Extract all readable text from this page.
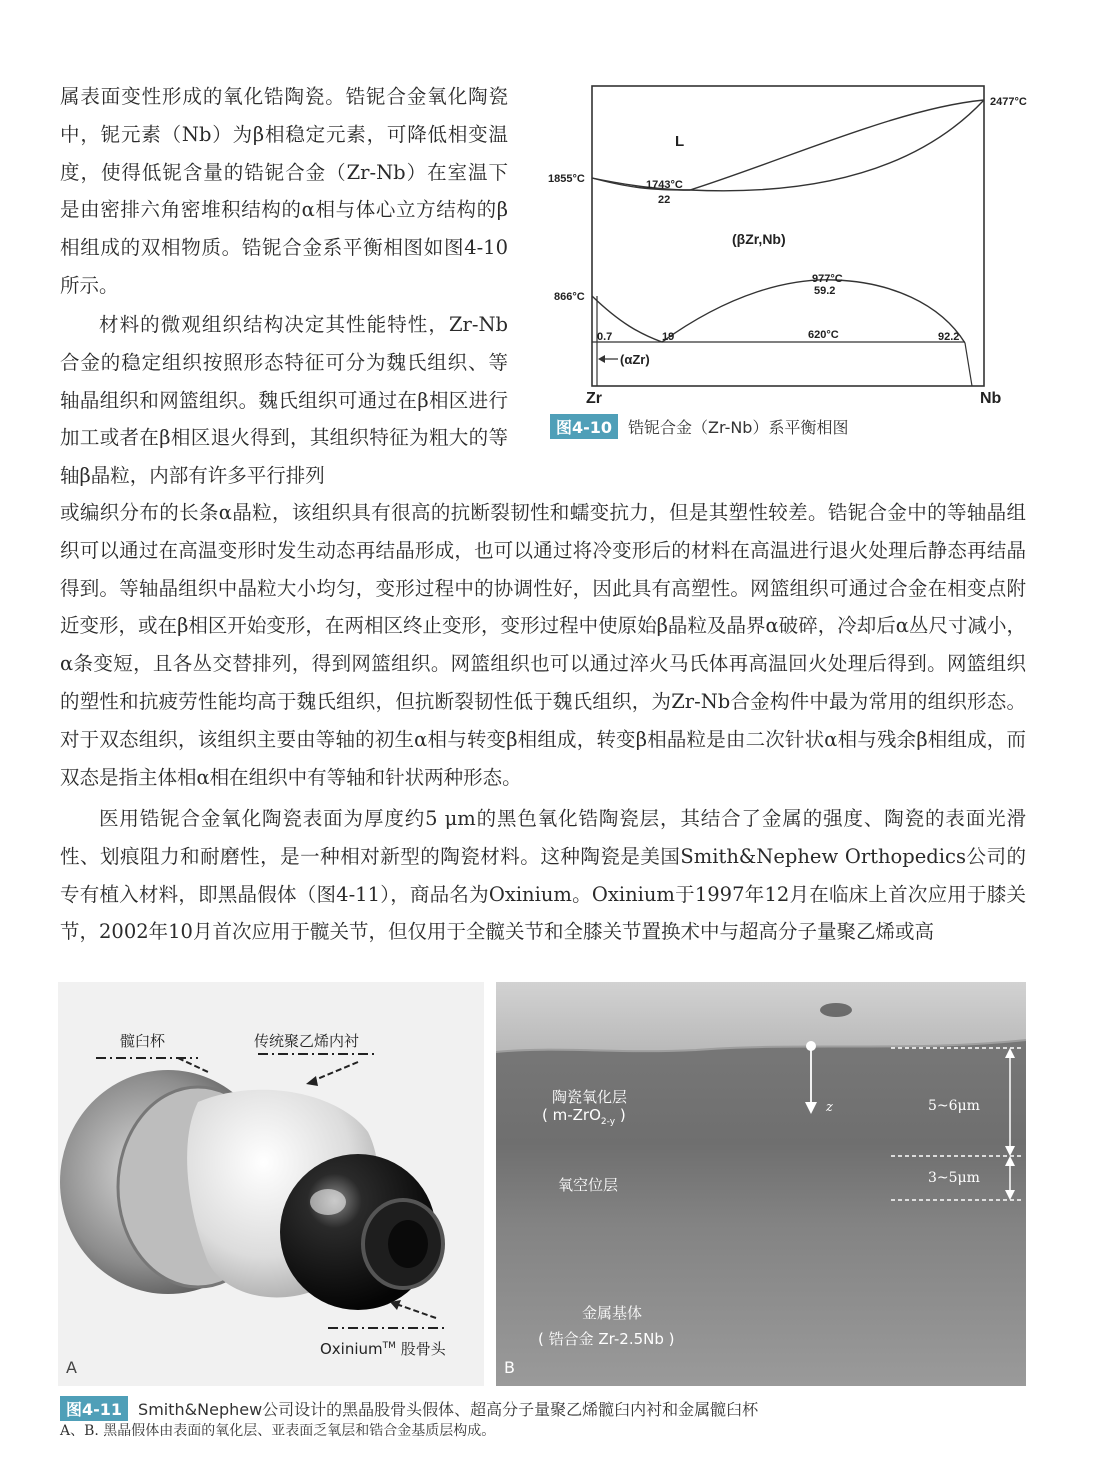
属表面变性形成的氧化锆陶瓷。锆铌合金氧化陶瓷中，铌元素（Nb）为β相稳定元素，可降低相变温度，使得低铌含量的锆铌合金（Zr-Nb）在室温下是由密排六角密堆积结构的α相与体心立方结构的β相组成的双相物质。锆铌合金系平衡相图如图4-10所示。

材料的微观组织结构决定其性能特性，Zr-Nb合金的稳定组织按照形态特征可分为魏氏组织、等轴晶组织和网篮组织。魏氏组织可通过在β相区进行加工或者在β相区退火得到，其组织特征为粗大的等轴β晶粒，内部有许多平行排列

L
2477°C
1855°C	1743°C
22
(βZr,Nb)
977°C
59.2
866°C
620°C
0.7	19	92.2
(αZr)
Zr	Nb
图4-10 锆铌合金（Zr-Nb）系平衡相图

或编织分布的长条α晶粒，该组织具有很高的抗断裂韧性和蠕变抗力，但是其塑性较差。锆铌合金中的等轴晶组织可以通过在高温变形时发生动态再结晶形成，也可以通过将冷变形后的材料在高温进行退火处理后静态再结晶得到。等轴晶组织中晶粒大小均匀，变形过程中的协调性好，因此具有高塑性。网篮组织可通过合金在相变点附近变形，或在β相区开始变形，在两相区终止变形，变形过程中使原始β晶粒及晶界α破碎，冷却后α丛尺寸减小，α条变短，且各丛交替排列，得到网篮组织。网篮组织也可以通过淬火马氏体再高温回火处理后得到。网篮组织的塑性和抗疲劳性能均高于魏氏组织，但抗断裂韧性低于魏氏组织，为Zr-Nb合金构件中最为常用的组织形态。对于双态组织，该组织主要由等轴的初生α相与转变β相组成，转变β相晶粒是由二次针状α相与残余β相组成，而双态是指主体相α相在组织中有等轴和针状两种形态。

医用锆铌合金氧化陶瓷表面为厚度约5 μm的黑色氧化锆陶瓷层，其结合了金属的强度、陶瓷的表面光滑性、划痕阻力和耐磨性，是一种相对新型的陶瓷材料。这种陶瓷是美国Smith&Nephew Orthopedics公司的专有植入材料，即黑晶假体（图4-11），商品名为Oxinium。Oxinium于1997年12月在临床上首次应用于膝关节，2002年10月首次应用于髋关节，但仅用于全髋关节和全膝关节置换术中与超高分子量聚乙烯或高

髋臼杯	传统聚乙烯内衬
Oxinium™ 股骨头
A
陶瓷氧化层
( m-ZrO$_{2-y}$ )	z	5~6μm
氧空位层	3~5μm
金属基体
( 锆合金 Zr-2.5Nb )
B
图4-11 Smith&Nephew公司设计的黑晶股骨头假体、超高分子量聚乙烯髋臼内衬和金属髋臼杯
A、B. 黑晶假体由表面的氧化层、亚表面乏氧层和锆合金基质层构成。
